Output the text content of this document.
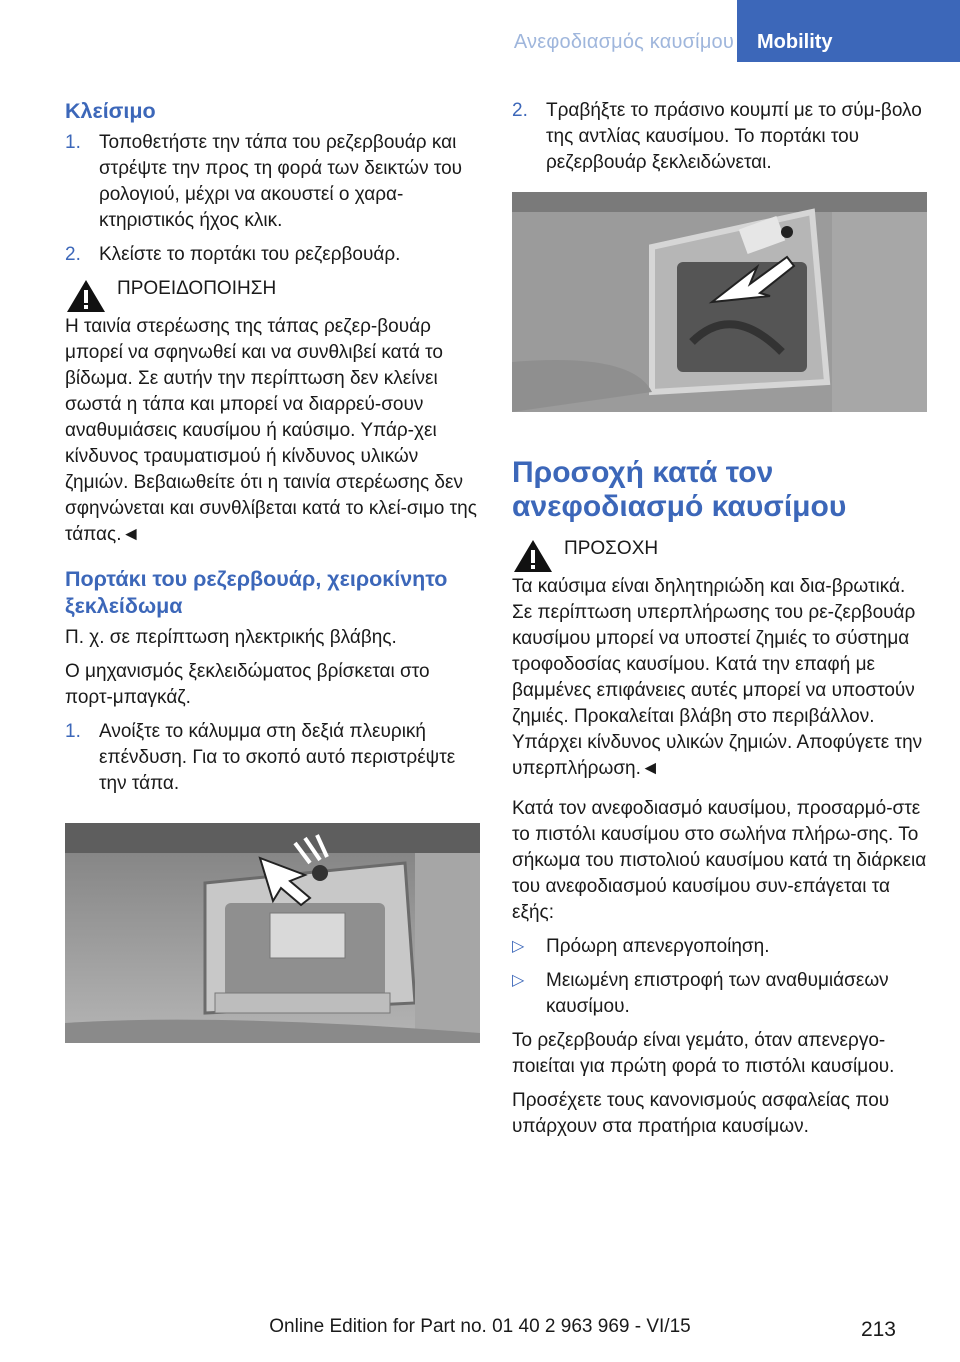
Ανεφοδιασμός καυσίμου	Mobility
Κλείσιμο
1. Τοποθετήστε την τάπα του ρεζερβουάρ και στρέψτε την προς τη φορά των δεικτών του ρολογιού, μέχρι να ακουστεί ο χαρα‐κτηριστικός ήχος κλικ.
2. Κλείστε το πορτάκι του ρεζερβουάρ.
ΠΡΟΕΙΔΟΠΟΙΗΣΗ
Η ταινία στερέωσης της τάπας ρεζερ‐βουάρ μπορεί να σφηνωθεί και να συνθλιβεί κατά το βίδωμα. Σε αυτήν την περίπτωση δεν κλείνει σωστά η τάπα και μπορεί να διαρρεύ‐σουν αναθυμιάσεις καυσίμου ή καύσιμο. Υπάρ‐χει κίνδυνος τραυματισμού ή κίνδυνος υλικών ζημιών. Βεβαιωθείτε ότι η ταινία στερέωσης δεν σφηνώνεται και συνθλίβεται κατά το κλεί‐σιμο της τάπας.◄
Πορτάκι του ρεζερβουάρ, χειροκίνητο ξεκλείδωμα
Π. χ. σε περίπτωση ηλεκτρικής βλάβης.
Ο μηχανισμός ξεκλειδώματος βρίσκεται στο πορτ-μπαγκάζ.
1. Ανοίξτε το κάλυμμα στη δεξιά πλευρική επένδυση. Για το σκοπό αυτό περιστρέψτε την τάπα.
2. Τραβήξτε το πράσινο κουμπί με το σύμ‐βολο της αντλίας καυσίμου. Το πορτάκι του ρεζερβουάρ ξεκλειδώνεται.
Προσοχή κατά τον ανεφοδιασμό καυσίμου
ΠΡΟΣΟΧΗ
Τα καύσιμα είναι δηλητηριώδη και δια‐βρωτικά. Σε περίπτωση υπερπλήρωσης του ρε‐ζερβουάρ καυσίμου μπορεί να υποστεί ζημιές το σύστημα τροφοδοσίας καυσίμου. Κατά την επαφή με βαμμένες επιφάνειες αυτές μπορεί να υποστούν ζημιές. Προκαλείται βλάβη στο περιβάλλον. Υπάρχει κίνδυνος υλικών ζημιών. Αποφύγετε την υπερπλήρωση.◄
Κατά τον ανεφοδιασμό καυσίμου, προσαρμό‐στε το πιστόλι καυσίμου στο σωλήνα πλήρω‐σης. Το σήκωμα του πιστολιού καυσίμου κατά τη διάρκεια του ανεφοδιασμού καυσίμου συν‐επάγεται τα εξής:
▷ Πρόωρη απενεργοποίηση.
▷ Μειωμένη επιστροφή των αναθυμιάσεων καυσίμου.
Το ρεζερβουάρ είναι γεμάτο, όταν απενεργο‐ποιείται για πρώτη φορά το πιστόλι καυσίμου.
Προσέχετε τους κανονισμούς ασφαλείας που υπάρχουν στα πρατήρια καυσίμων.
Online Edition for Part no. 01 40 2 963 969 - VI/15	213
